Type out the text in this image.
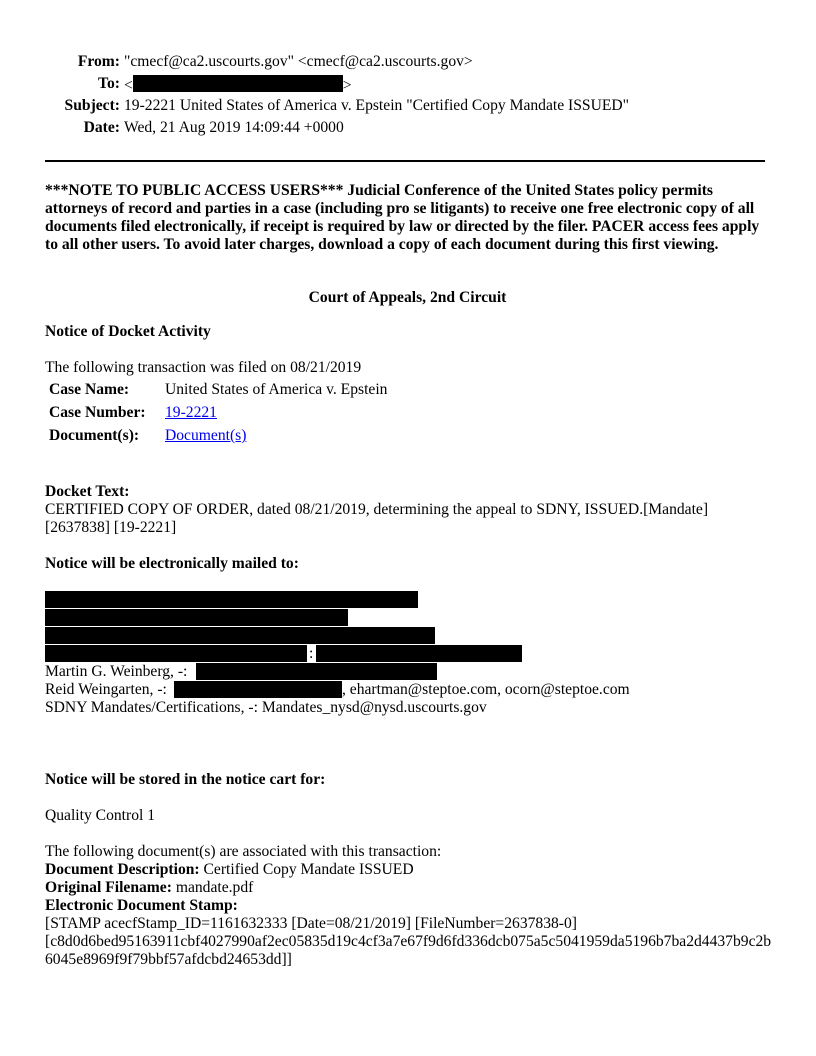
From: "cmecf@ca2.uscourts.gov" <cmecf@ca2.uscourts.gov>
To: <	>
Subject: 19-2221 United States of America v. Epstein "Certified Copy Mandate ISSUED"
Date: Wed, 21 Aug 2019 14:09:44 +0000
***NOTE TO PUBLIC ACCESS USERS*** Judicial Conference of the United States policy permits attorneys of record and parties in a case (including pro se litigants) to receive one free electronic copy of all documents filed electronically, if receipt is required by law or directed by the filer. PACER access fees apply to all other users. To avoid later charges, download a copy of each document during this first viewing.
Court of Appeals, 2nd Circuit
Notice of Docket Activity
The following transaction was filed on 08/21/2019
Case Name:	United States of America v. Epstein
Case Number:	19-2221
Document(s):	Document(s)
Docket Text:
CERTIFIED COPY OF ORDER, dated 08/21/2019, determining the appeal to SDNY, ISSUED.[Mandate] [2637838] [19-2221]
Notice will be electronically mailed to:
:
Martin G. Weinberg, -:
Reid Weingarten, -:	, ehartman@steptoe.com, ocorn@steptoe.com
SDNY Mandates/Certifications, -: Mandates_nysd@nysd.uscourts.gov
Notice will be stored in the notice cart for:
Quality Control 1
The following document(s) are associated with this transaction:
Document Description: Certified Copy Mandate ISSUED
Original Filename: mandate.pdf
Electronic Document Stamp:
[STAMP acecfStamp_ID=1161632333 [Date=08/21/2019] [FileNumber=2637838-0]
[c8d0d6bed95163911cbf4027990af2ec05835d19c4cf3a7e67f9d6fd336dcb075a5c5041959da5196b7ba2d4437b9c2b6045e8969f9f79bbf57afdcbd24653dd]]
